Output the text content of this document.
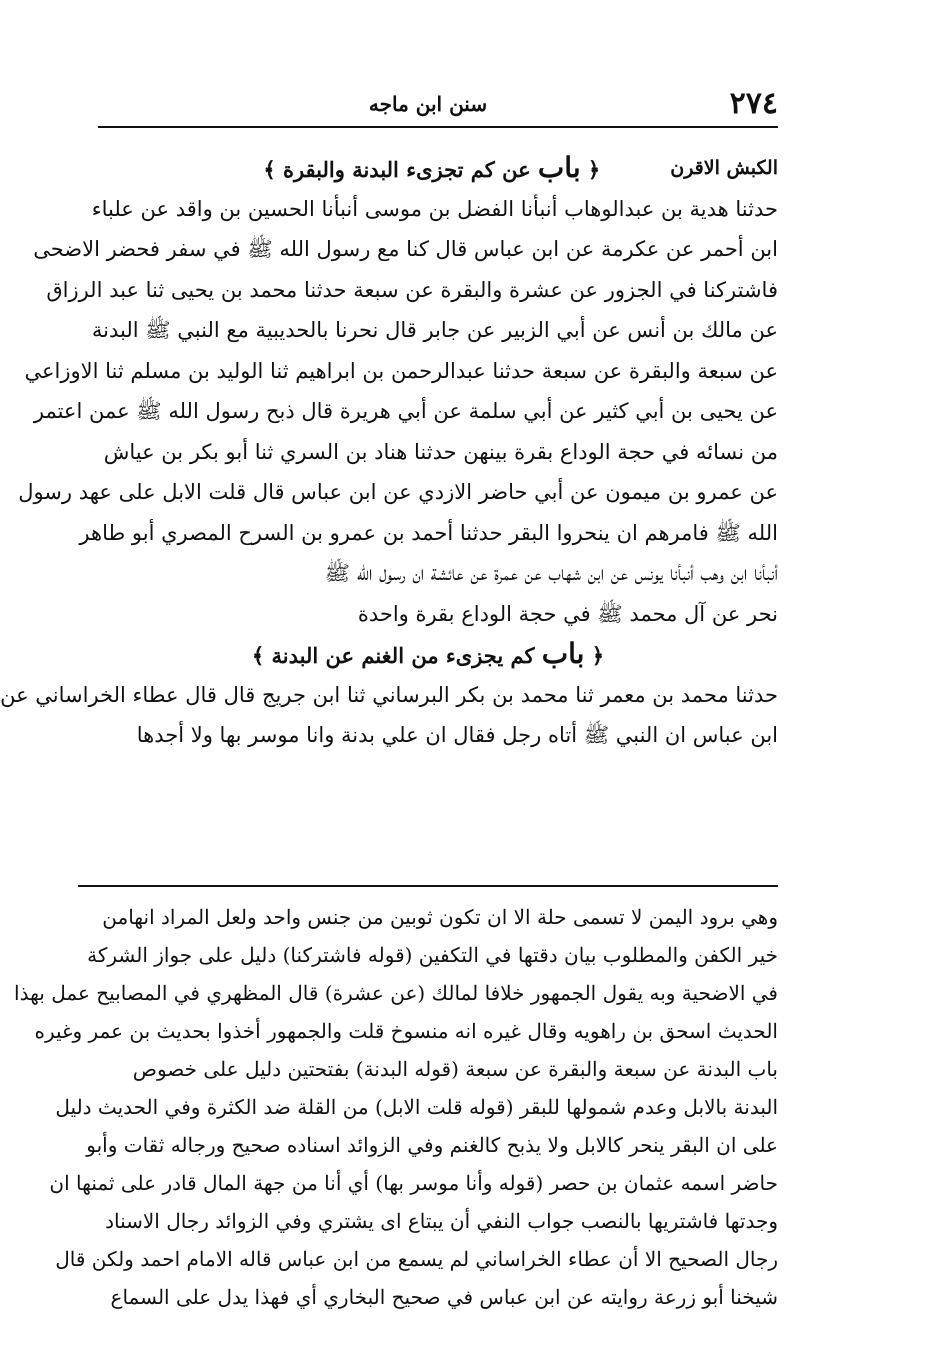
٢٧٤
سنن ابن ماجه
الكبش الاقرن
﴿ باب عن كم تجزىء البدنة والبقرة ﴾
حدثنا هدية بن عبدالوهاب أنبأنا الفضل بن موسى أنبأنا الحسين بن واقد عن علباء
ابن أحمر عن عكرمة عن ابن عباس قال كنا مع رسول الله ﷺ في سفر فحضر الاضحى
فاشتركنا في الجزور عن عشرة والبقرة عن سبعة حدثنا محمد بن يحيى ثنا عبد الرزاق
عن مالك بن أنس عن أبي الزبير عن جابر قال نحرنا بالحديبية مع النبي ﷺ البدنة
عن سبعة والبقرة عن سبعة حدثنا عبدالرحمن بن ابراهيم ثنا الوليد بن مسلم ثنا الاوزاعي
عن يحيى بن أبي كثير عن أبي سلمة عن أبي هريرة قال ذبح رسول الله ﷺ عمن اعتمر
من نسائه في حجة الوداع بقرة بينهن حدثنا هناد بن السري ثنا أبو بكر بن عياش
عن عمرو بن ميمون عن أبي حاضر الازدي عن ابن عباس قال قلت الابل على عهد رسول
الله ﷺ فامرهم ان ينحروا البقر حدثنا أحمد بن عمرو بن السرح المصري أبو طاهر
أنبأنا ابن وهب أنبأنا يونس عن ابن شهاب عن عمرة عن عائشة ان رسول الله ﷺ
نحر عن آل محمد ﷺ في حجة الوداع بقرة واحدة
﴿ باب كم يجزىء من الغنم عن البدنة ﴾
حدثنا محمد بن معمر ثنا محمد بن بكر البرساني ثنا ابن جريج قال قال عطاء الخراساني عن
ابن عباس ان النبي ﷺ أتاه رجل فقال ان علي بدنة وانا موسر بها ولا أجدها
وهي برود اليمن لا تسمى حلة الا ان تكون ثوبين من جنس واحد ولعل المراد انهامن
خير الكفن والمطلوب بيان دقتها في التكفين (قوله فاشتركنا) دليل على جواز الشركة
في الاضحية وبه يقول الجمهور خلافا لمالك (عن عشرة) قال المظهري في المصابيح عمل بهذا
الحديث اسحق بن راهويه وقال غيره انه منسوخ قلت والجمهور أخذوا بحديث بن عمر وغيره
باب البدنة عن سبعة والبقرة عن سبعة (قوله البدنة) بفتحتين دليل على خصوص
البدنة بالابل وعدم شمولها للبقر (قوله قلت الابل) من القلة ضد الكثرة وفي الحديث دليل
على ان البقر ينحر كالابل ولا يذبح كالغنم وفي الزوائد اسناده صحيح ورجاله ثقات وأبو
حاضر اسمه عثمان بن حصر (قوله وأنا موسر بها) أي أنا من جهة المال قادر على ثمنها ان
وجدتها فاشتريها بالنصب جواب النفي أن يبتاع اى يشتري وفي الزوائد رجال الاسناد
رجال الصحيح الا أن عطاء الخراساني لم يسمع من ابن عباس قاله الامام احمد ولكن قال
شيخنا أبو زرعة روايته عن ابن عباس في صحيح البخاري أي فهذا يدل على السماع
